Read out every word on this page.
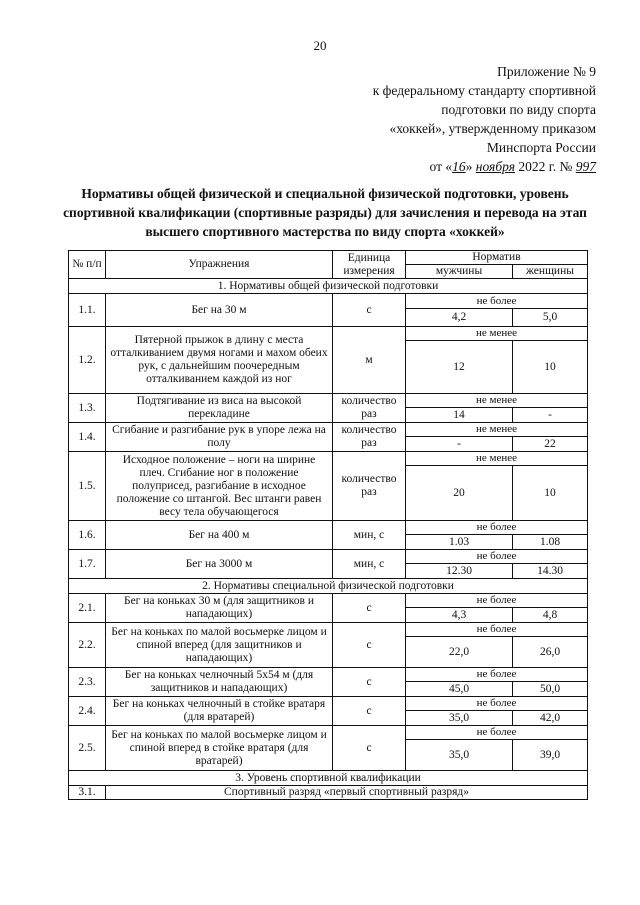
20
Приложение № 9
к федеральному стандарту спортивной
подготовки по виду спорта
«хоккей», утвержденному приказом
Минспорта России
от «16» ноября 2022 г. № 997
Нормативы общей физической и специальной физической подготовки, уровень спортивной квалификации (спортивные разряды) для зачисления и перевода на этап высшего спортивного мастерства по виду спорта «хоккей»
№ п/п	Упражнения	Единица измерения	Норматив	
			мужчины	женщины
1. Нормативы общей физической подготовки				
1.1.	Бег на 30 м	с	не более	
			4,2	5,0
1.2.	Пятерной прыжок в длину с места отталкиванием двумя ногами и махом обеих рук, с дальнейшим поочередным отталкиванием каждой из ног	м	не менее	
			12	10
1.3.	Подтягивание из виса на высокой перекладине	количество раз	не менее	
			14	-
1.4.	Сгибание и разгибание рук в упоре лежа на полу	количество раз	не менее	
			-	22
1.5.	Исходное положение – ноги на ширине плеч. Сгибание ног в положение полуприсед, разгибание в исходное положение со штангой. Вес штанги равен весу тела обучающегося	количество раз	не менее	
			20	10
1.6.	Бег на 400 м	мин, с	не более	
			1.03	1.08
1.7.	Бег на 3000 м	мин, с	не более	
			12.30	14.30
2. Нормативы специальной физической подготовки				
2.1.	Бег на коньках 30 м (для защитников и нападающих)	с	не более	
			4,3	4,8
2.2.	Бег на коньках по малой восьмерке лицом и спиной вперед (для защитников и нападающих)	с	не более	
			22,0	26,0
2.3.	Бег на коньках челночный 5х54 м (для защитников и нападающих)	с	не более	
			45,0	50,0
2.4.	Бег на коньках челночный в стойке вратаря (для вратарей)	с	не более	
			35,0	42,0
2.5.	Бег на коньках по малой восьмерке лицом и спиной вперед в стойке вратаря (для вратарей)	с	не более	
			35,0	39,0
3. Уровень спортивной квалификации				
3.1.	Спортивный разряд «первый спортивный разряд»			
